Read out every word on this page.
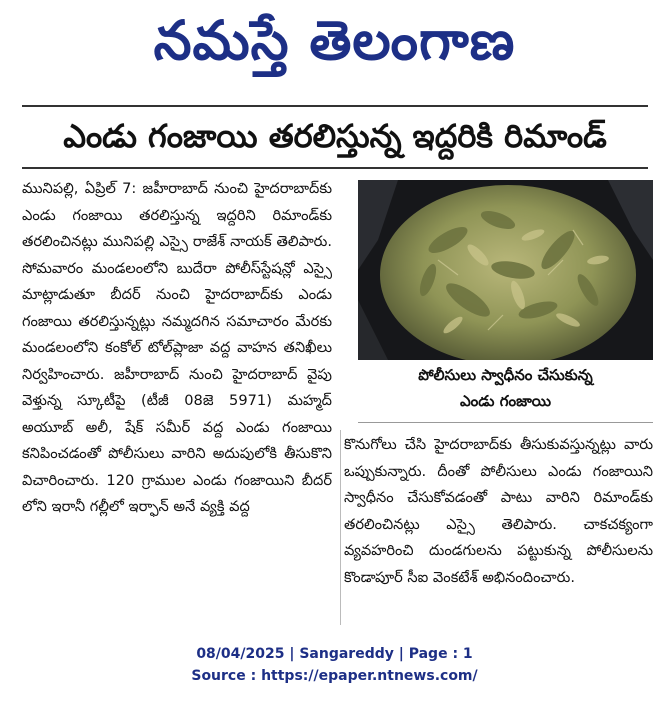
నమస్తే తెలంగాణ
ఎండు గంజాయి తరలిస్తున్న ఇద్దరికి రిమాండ్

మునిపల్లి, ఏప్రిల్ 7: జహీరాబాద్ నుంచి హైదరాబాద్‌కు ఎండు గంజాయి తరలిస్తున్న ఇద్దరిని రిమాండ్‌కు తరలించినట్లు మునిపల్లి ఎస్సై రాజేశ్ నాయక్ తెలిపారు. సోమవారం మండలంలోని బుదేరా పోలీస్‌స్టేషన్లో ఎస్సై మాట్లాడుతూ బీదర్ నుంచి హైదరాబాద్‌కు ఎండు గంజాయి తరలిస్తున్నట్లు నమ్మదగిన సమాచారం మేరకు మండలంలోని కంకోల్ టోల్‌ప్లాజా వద్ద వాహన తనిఖీలు నిర్వహించారు. జహీరాబాద్ నుంచి హైదరాబాద్ వైపు వెళ్తున్న స్కూటీపై (టీజీ 08జె 5971) మహ్మద్ అయూబ్ అలీ, షేక్ సమీర్ వద్ద ఎండు గంజాయి కనిపించడంతో పోలీసులు వారిని అదుపులోకి తీసుకొని విచారించారు. 120 గ్రాముల ఎండు గంజాయిని బీదర్ లోని ఇరానీ గల్లీలో ఇర్ఫాన్ అనే వ్యక్తి వద్ద

పోలీసులు స్వాధీనం చేసుకున్న
ఎండు గంజాయి

కొనుగోలు చేసి హైదరాబాద్‌కు తీసుకువస్తున్నట్లు వారు ఒప్పుకున్నారు. దీంతో పోలీసులు ఎండు గంజాయిని స్వాధీనం చేసుకోవడంతో పాటు వారిని రిమాండ్‌కు తరలించినట్లు ఎస్సై తెలిపారు. చాకచక్యంగా వ్యవహరించి దుండగులను పట్టుకున్న పోలీసులను కొండాపూర్ సీఐ వెంకటేశ్ అభినందించారు.

08/04/2025 | Sangareddy | Page : 1
Source : https://epaper.ntnews.com/
